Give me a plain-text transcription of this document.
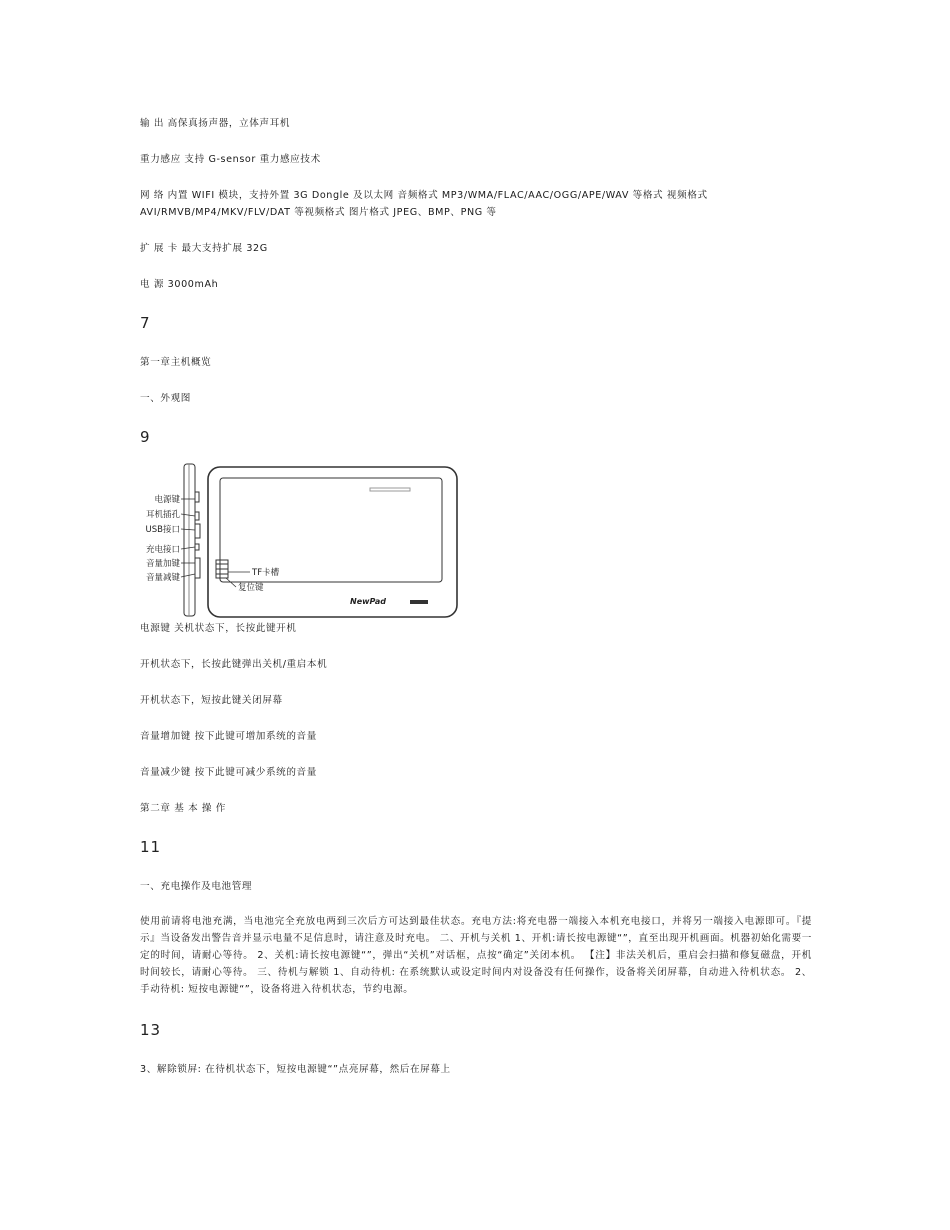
输 出 高保真扬声器，立体声耳机
重力感应 支持 G-sensor 重力感应技术
网 络 内置 WIFI 模块，支持外置 3G Dongle 及以太网 音频格式 MP3/WMA/FLAC/AAC/OGG/APE/WAV 等格式 视频格式
AVI/RMVB/MP4/MKV/FLV/DAT 等视频格式 图片格式 JPEG、BMP、PNG 等
扩 展 卡 最大支持扩展 32G
电 源 3000mAh
7
第一章主机概览
一、外观图
9
电源键
耳机插孔
USB接口
充电接口
音量加键
音量减键	TF卡槽
复位键
NewPad
电源键 关机状态下，长按此键开机
开机状态下，长按此键弹出关机/重启本机
开机状态下，短按此键关闭屏幕
音量增加键 按下此键可增加系统的音量
音量减少键 按下此键可减少系统的音量
第二章 基 本 操 作
11
一、充电操作及电池管理
使用前请将电池充满，当电池完全充放电两到三次后方可达到最佳状态。充电方法:将充电器一端接入本机充电接口，并将另一端接入电源即可。『提示』当设备发出警告音并显示电量不足信息时，请注意及时充电。 二、开机与关机 1、开机:请长按电源键“”，直至出现开机画面。机器初始化需要一定的时间，请耐心等待。 2、关机:请长按电源键“”，弹出“关机”对话框，点按“确定”关闭本机。 【注】非法关机后，重启会扫描和修复磁盘，开机时间较长，请耐心等待。 三、待机与解锁 1、自动待机: 在系统默认或设定时间内对设备没有任何操作，设备将关闭屏幕，自动进入待机状态。 2、手动待机: 短按电源键“”，设备将进入待机状态，节约电源。
13
3、解除锁屏: 在待机状态下，短按电源键“”点亮屏幕，然后在屏幕上
